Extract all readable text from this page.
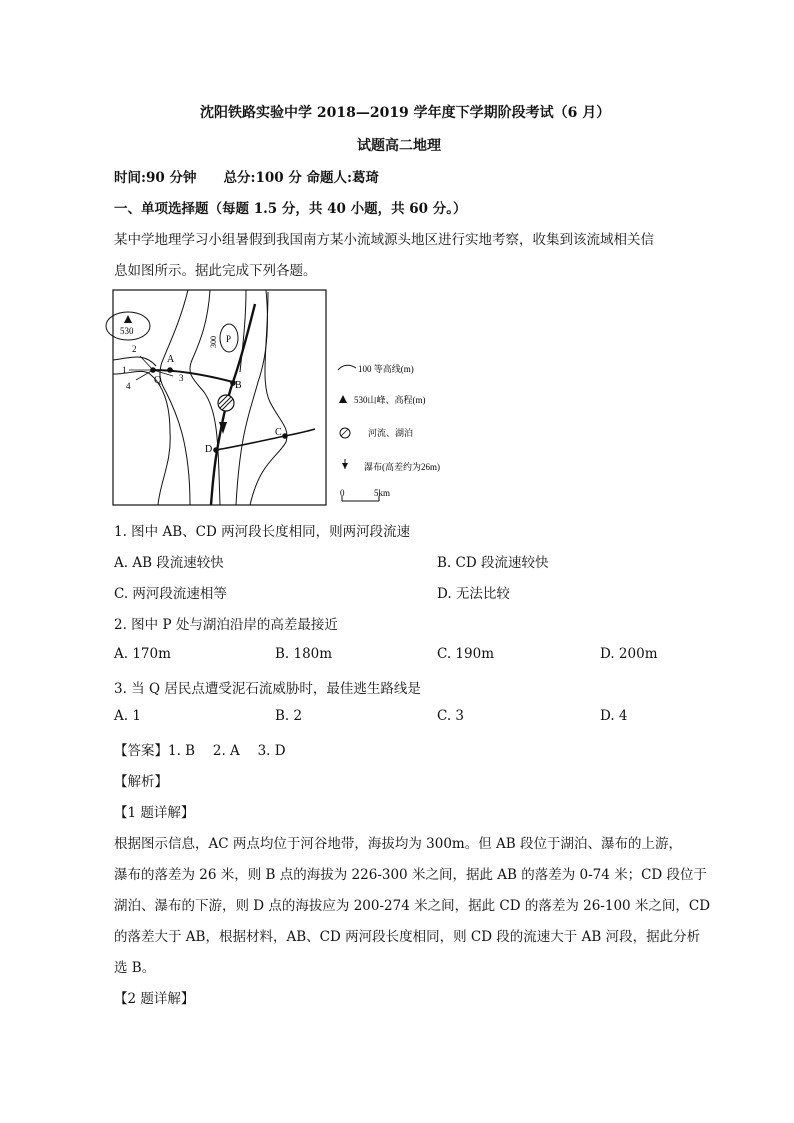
沈阳铁路实验中学 2018—2019 学年度下学期阶段考试（6 月）
试题高二地理
时间:90 分钟　　总分:100 分 命题人:葛琦
一、单项选择题（每题 1.5 分，共 40 小题，共 60 分。）
某中学地理学习小组暑假到我国南方某小流域源头地区进行实地考察，收集到该流域相关信
息如图所示。据此完成下列各题。
530
P
300
A
B
C
D
Q
1
2
3
4
100 等高线(m)
530山峰、高程(m)
河流、湖泊
瀑布(高差约为26m)
0	5km
1. 图中 AB、CD 两河段长度相同，则两河段流速
A. AB 段流速较快	B. CD 段流速较快
C. 两河段流速相等	D. 无法比较
2. 图中 P 处与湖泊沿岸的高差最接近
A. 170m	B. 180m	C. 190m	D. 200m
3. 当 Q 居民点遭受泥石流威胁时，最佳逃生路线是
A. 1	B. 2	C. 3	D. 4
【答案】1. B　 2. A　 3. D
【解析】
【1 题详解】
根据图示信息，AC 两点均位于河谷地带，海拔均为 300m。但 AB 段位于湖泊、瀑布的上游，
瀑布的落差为 26 米，则 B 点的海拔为 226-300 米之间，据此 AB 的落差为 0-74 米；CD 段位于
湖泊、瀑布的下游，则 D 点的海拔应为 200-274 米之间，据此 CD 的落差为 26-100 米之间，CD
的落差大于 AB，根据材料，AB、CD 两河段长度相同，则 CD 段的流速大于 AB 河段，据此分析
选 B。
【2 题详解】
